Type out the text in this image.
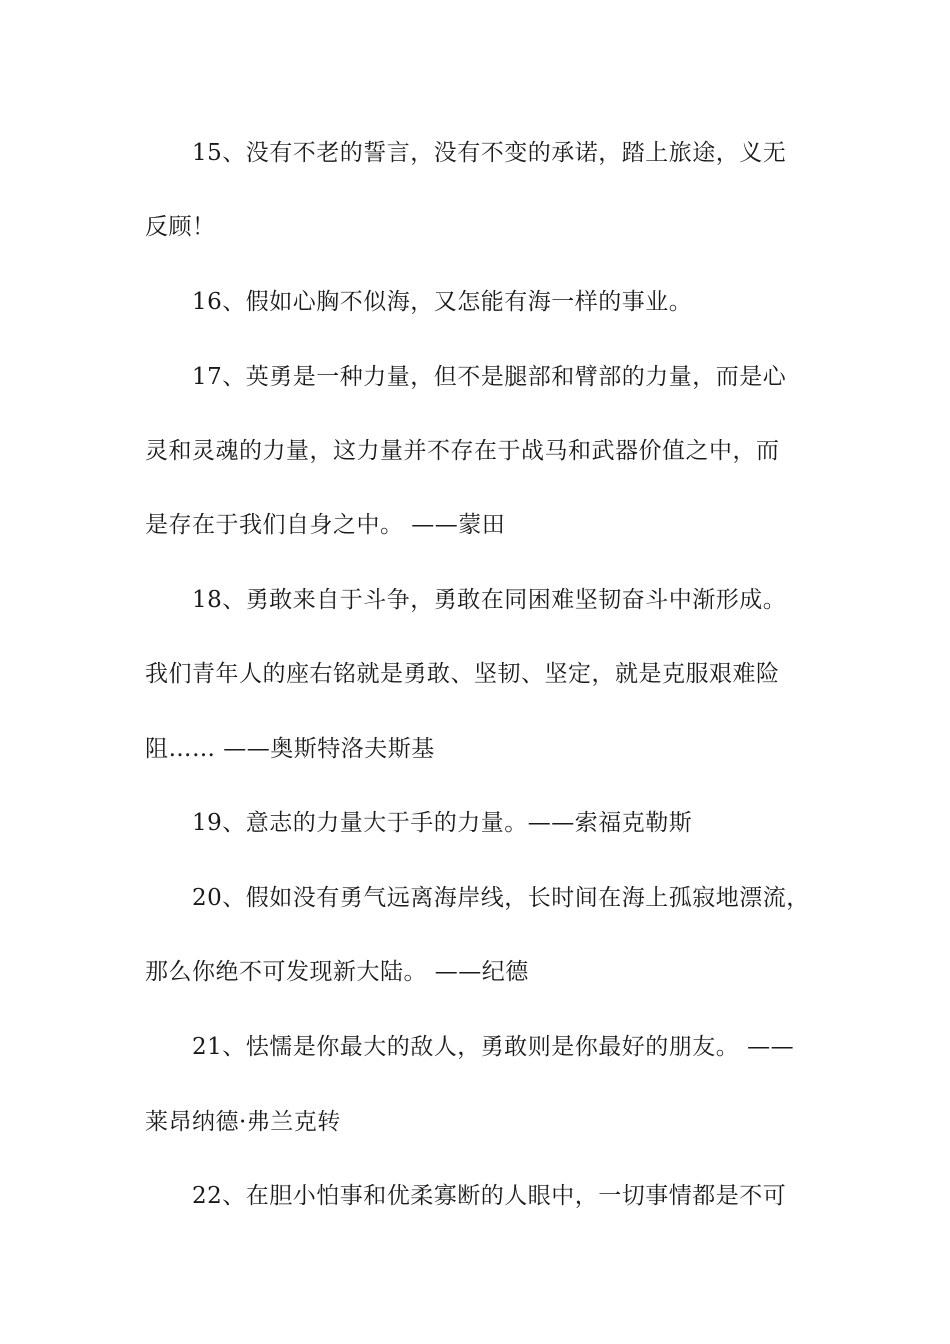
15、没有不老的誓言，没有不变的承诺，踏上旅途，义无
反顾！
16、假如心胸不似海，又怎能有海一样的事业。
17、英勇是一种力量，但不是腿部和臂部的力量，而是心
灵和灵魂的力量，这力量并不存在于战马和武器价值之中，而
是存在于我们自身之中。 ——蒙田
18、勇敢来自于斗争，勇敢在同困难坚韧奋斗中渐形成。
我们青年人的座右铭就是勇敢、坚韧、坚定，就是克服艰难险
阻…… ——奥斯特洛夫斯基
19、意志的力量大于手的力量。——索福克勒斯
20、假如没有勇气远离海岸线，长时间在海上孤寂地漂流，
那么你绝不可发现新大陆。 ——纪德
21、怯懦是你最大的敌人，勇敢则是你最好的朋友。 ——
莱昂纳德·弗兰克转
22、在胆小怕事和优柔寡断的人眼中，一切事情都是不可
